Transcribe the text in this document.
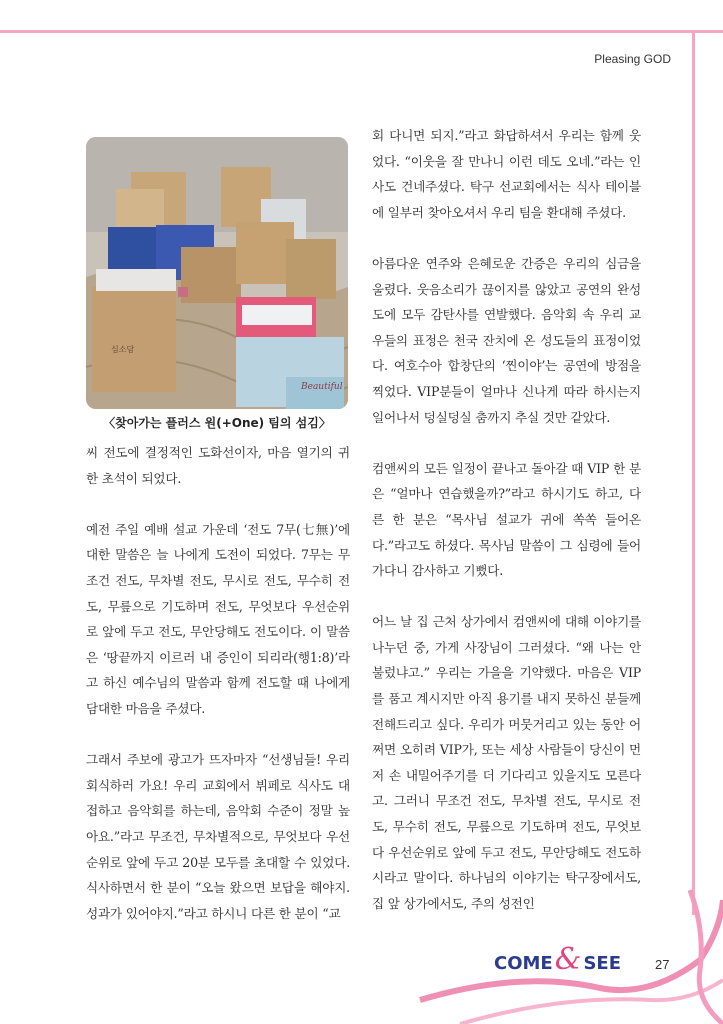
Pleasing GOD
Beautiful
심소담
〈찾아가는 플러스 원(+One) 팀의 섬김〉

씨 전도에 결정적인 도화선이자, 마음 열기의 귀한 초석이 되었다.

예전 주일 예배 설교 가운데 ‘전도 7무(七無)’에 대한 말씀은 늘 나에게 도전이 되었다. 7무는 무조건 전도, 무차별 전도, 무시로 전도, 무수히 전도, 무릎으로 기도하며 전도, 무엇보다 우선순위로 앞에 두고 전도, 무안당해도 전도이다. 이 말씀은 ‘땅끝까지 이르러 내 증인이 되리라(행1:8)’라고 하신 예수님의 말씀과 함께 전도할 때 나에게 담대한 마음을 주셨다.

그래서 주보에 광고가 뜨자마자 “선생님들! 우리 회식하러 가요! 우리 교회에서 뷔페로 식사도 대접하고 음악회를 하는데, 음악회 수준이 정말 높아요.”라고 무조건, 무차별적으로, 무엇보다 우선순위로 앞에 두고 20분 모두를 초대할 수 있었다. 식사하면서 한 분이 “오늘 왔으면 보답을 해야지. 성과가 있어야지.”라고 하시니 다른 한 분이 “교

회 다니면 되지.”라고 화답하셔서 우리는 함께 웃었다. “이웃을 잘 만나니 이런 데도 오네.”라는 인사도 건네주셨다. 탁구 선교회에서는 식사 테이블에 일부러 찾아오셔서 우리 팀을 환대해 주셨다.

아름다운 연주와 은혜로운 간증은 우리의 심금을 울렸다. 웃음소리가 끊이지를 않았고 공연의 완성도에 모두 감탄사를 연발했다. 음악회 속 우리 교우들의 표정은 천국 잔치에 온 성도들의 표정이었다. 여호수아 합창단의 ‘찐이야’는 공연에 방점을 찍었다. VIP분들이 얼마나 신나게 따라 하시는지 일어나서 덩실덩실 춤까지 추실 것만 같았다.

컴앤씨의 모든 일정이 끝나고 돌아갈 때 VIP 한 분은 “얼마나 연습했을까?”라고 하시기도 하고, 다른 한 분은 “목사님 설교가 귀에 쏙쏙 들어온다.”라고도 하셨다. 목사님 말씀이 그 심령에 들어가다니 감사하고 기뻤다.

어느 날 집 근처 상가에서 컴앤씨에 대해 이야기를 나누던 중, 가게 사장님이 그러셨다. “왜 나는 안 불렀냐고.” 우리는 가을을 기약했다. 마음은 VIP를 품고 계시지만 아직 용기를 내지 못하신 분들께 전해드리고 싶다. 우리가 머뭇거리고 있는 동안 어쩌면 오히려 VIP가, 또는 세상 사람들이 당신이 먼저 손 내밀어주기를 더 기다리고 있을지도 모른다고. 그러니 무조건 전도, 무차별 전도, 무시로 전도, 무수히 전도, 무릎으로 기도하며 전도, 무엇보다 우선순위로 앞에 두고 전도, 무안당해도 전도하시라고 말이다. 하나님의 이야기는 탁구장에서도, 집 앞 상가에서도, 주의 성전인

COME& SEE	27
